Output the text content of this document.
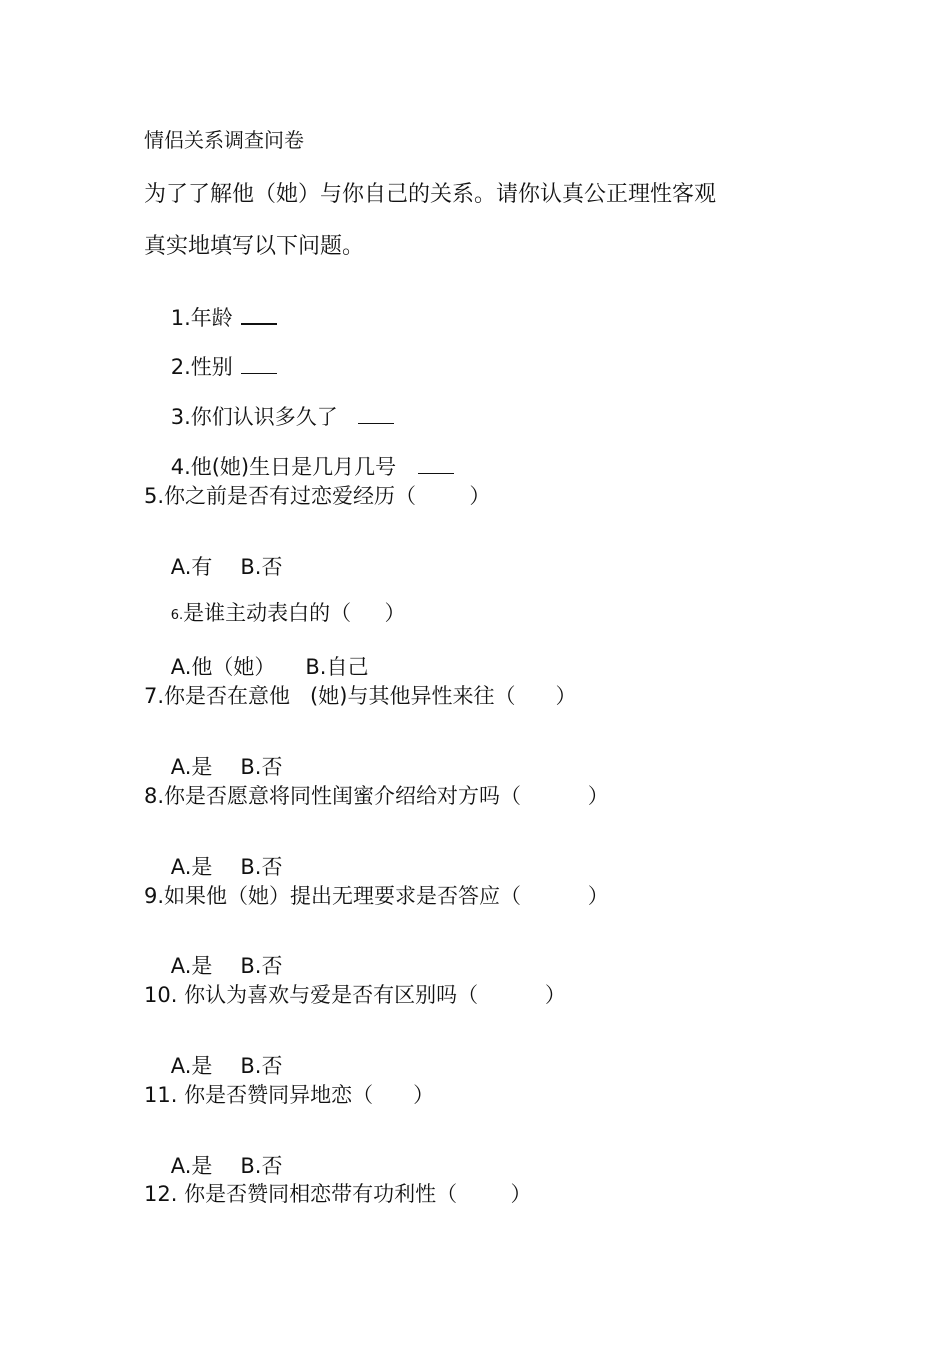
情侣关系调查问卷
为了了解他（她）与你自己的关系。请你认真公正理性客观
真实地填写以下问题。

1.年龄

2.性别

3.你们认识多久了

4.他(她)生日是几月几号

5.你之前是否有过恋爱经历（        ）

A.有 B.否

6.是谁主动表白的（     ）

A.他（她） B.自己

7.你是否在意他   (她)与其他异性来往（      ）

A.是 B.否

8.你是否愿意将同性闺蜜介绍给对方吗（          ）

A.是 B.否

9.如果他（她）提出无理要求是否答应（          ）

A.是 B.否

10. 你认为喜欢与爱是否有区别吗（          ）

A.是 B.否

11. 你是否赞同异地恋（      ）

A.是 B.否

12. 你是否赞同相恋带有功利性（        ）
